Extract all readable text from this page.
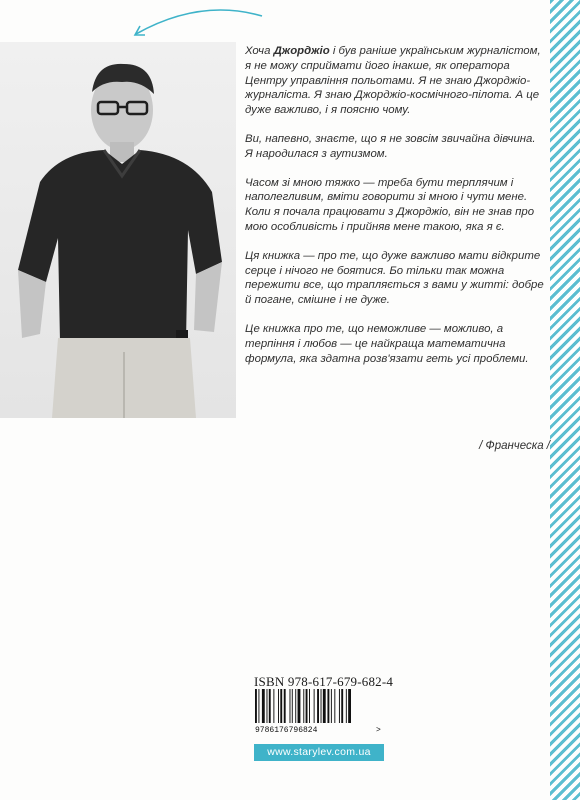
Хоча Джорджіо і був раніше українським журналістом, я не можу сприймати його інакше, як оператора Центру управління польотами. Я не знаю Джорджіо-журналіста. Я знаю Джорджіо-космічного-пілота. А це дуже важливо, і я поясню чому.

Ви, напевно, знаєте, що я не зовсім звичайна дівчина. Я народилася з аутизмом.

Часом зі мною тяжко — треба бути терплячим і наполегливим, вміти говорити зі мною і чути мене. Коли я почала працювати з Джорджіо, він не знав про мою особливість і прийняв мене такою, яка я є.

Ця книжка — про те, що дуже важливо мати відкрите серце і нічого не боятися. Бо тільки так можна пережити все, що трапляється з вами у житті: добре й погане, смішне і не дуже.

Це книжка про те, що неможливе — можливо, а терпіння і любов — це найкраща математична формула, яка здатна розв'язати геть усі проблеми.

/ Франческа /
ISBN 978-617-679-682-4
9786176796824	>
www.starylev.com.ua
